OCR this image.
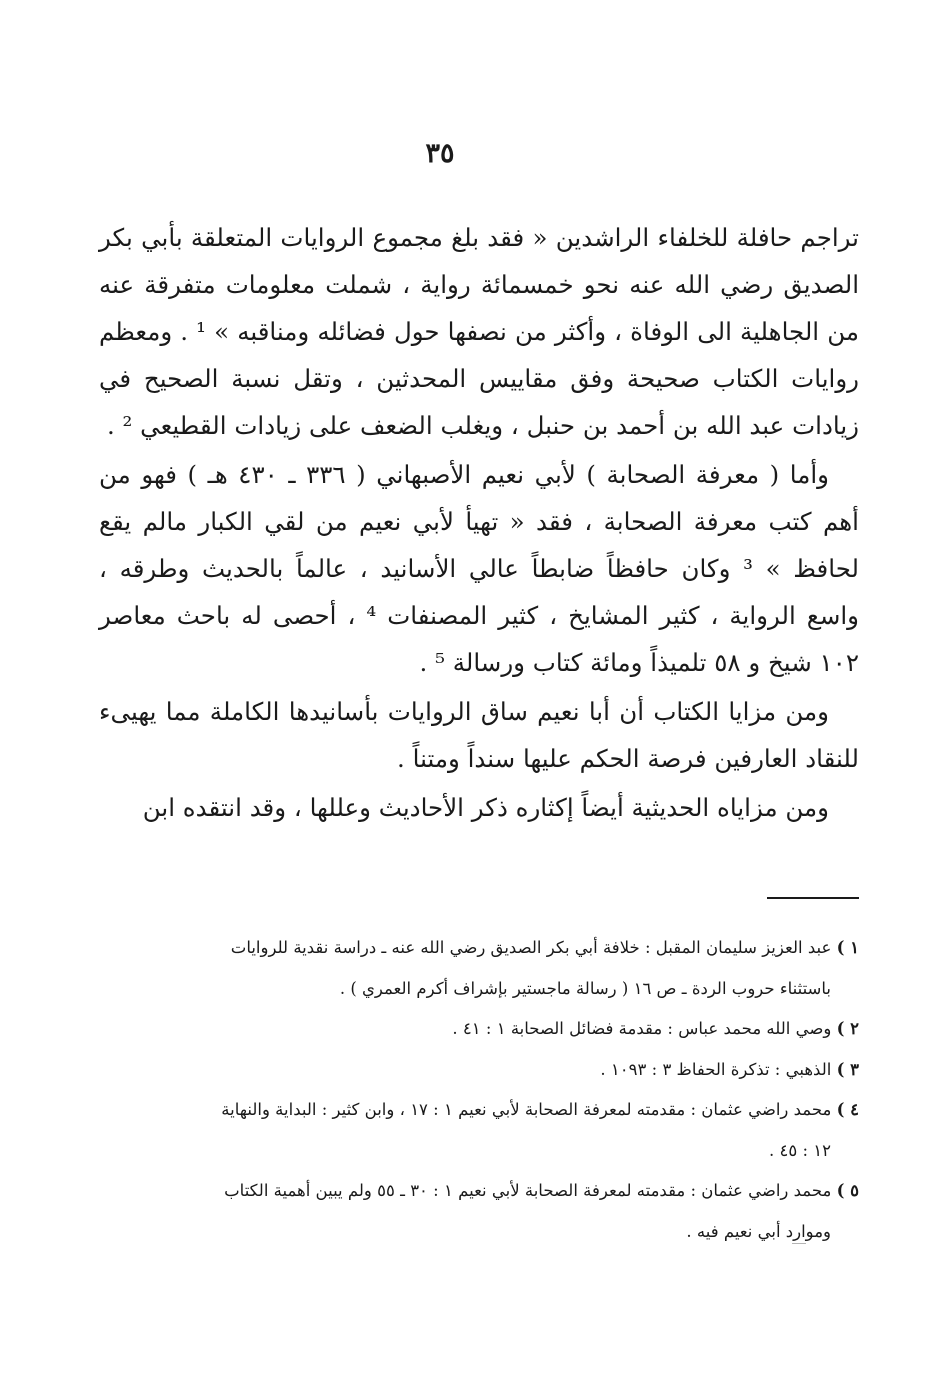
٣٥

تراجم حافلة للخلفاء الراشدين « فقد بلغ مجموع الروايات المتعلقة بأبي بكر الصديق رضي الله عنه نحو خمسمائة رواية ، شملت معلومات متفرقة عنه من الجاهلية الى الوفاة ، وأكثر من نصفها حول فضائله ومناقبه » ¹ . ومعظم روايات الكتاب صحيحة وفق مقاييس المحدثين ، وتقل نسبة الصحيح في زيادات عبد الله بن أحمد بن حنبل ، ويغلب الضعف على زيادات القطيعي ² .

وأما ( معرفة الصحابة ) لأبي نعيم الأصبهاني ( ٣٣٦ ـ ٤٣٠ هـ ) فهو من أهم كتب معرفة الصحابة ، فقد « تهيأ لأبي نعيم من لقي الكبار مالم يقع لحافظ » ³ وكان حافظاً ضابطاً عالي الأسانيد ، عالماً بالحديث وطرقه ، واسع الرواية ، كثير المشايخ ، كثير المصنفات ⁴ ، أحصى له باحث معاصر ١٠٢ شيخ و ٥٨ تلميذاً ومائة كتاب ورسالة ⁵ .

ومن مزايا الكتاب أن أبا نعيم ساق الروايات بأسانيدها الكاملة مما يهيىء للنقاد العارفين فرصة الحكم عليها سنداً ومتناً .

ومن مزاياه الحديثية أيضاً إكثاره ذكر الأحاديث وعللها ، وقد انتقده ابن

١ ) عبد العزيز سليمان المقبل : خلافة أبي بكر الصديق رضي الله عنه ـ دراسة نقدية للروايات
باستثناء حروب الردة ـ ص ١٦ ( رسالة ماجستير بإشراف أكرم العمري ) .
٢ ) وصي الله محمد عباس : مقدمة فضائل الصحابة ١ : ٤١ .
٣ ) الذهبي : تذكرة الحفاظ ٣ : ١٠٩٣ .
٤ ) محمد راضي عثمان : مقدمته لمعرفة الصحابة لأبي نعيم ١ : ١٧ ، وابن كثير : البداية والنهاية
١٢ : ٤٥ .
٥ ) محمد راضي عثمان : مقدمته لمعرفة الصحابة لأبي نعيم ١ : ٣٠ ـ ٥٥ ولم يبين أهمية الكتاب
وموارد أبي نعيم فيه .
